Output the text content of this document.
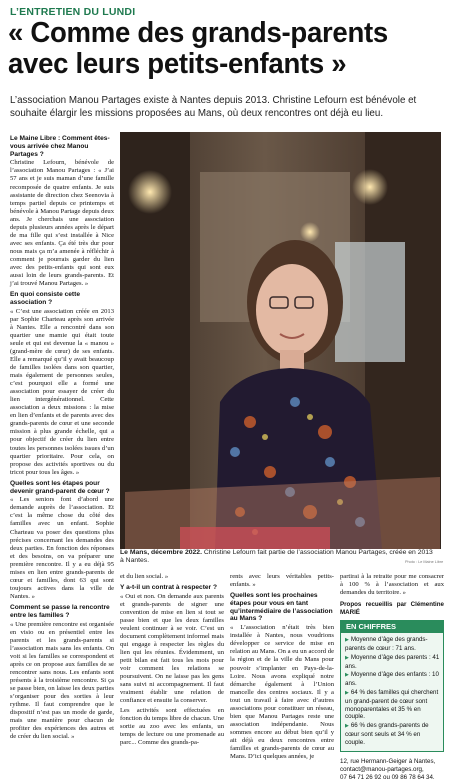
L’ENTRETIEN DU LUNDI
« Comme des grands-parents
avec leurs petits-enfants »
L’association Manou Partages existe à Nantes depuis 2013. Christine Lefourn est bénévole et souhaite élargir les missions proposées au Mans, où deux rencontres ont déjà eu lieu.

Le Maine Libre : Comment êtes-vous arrivée chez Manou Partages ?

Christine Lefourn, bénévole de l’association Manou Partages : « J’ai 57 ans et je suis maman d’une famille recomposée de quatre enfants. Je suis assistante de direction chez Seenovia à temps partiel depuis ce printemps et bénévole à Manou Partage depuis deux ans. Je cherchais une association depuis plusieurs années après le départ de ma fille qui s’est installée à Nice avec ses enfants. Ça été très dur pour nous mais ça m’a amenée à réfléchir à comment je pourrais garder du lien avec des petits-enfants qui sont eux aussi loin de leurs grands-parents. Et j’ai trouvé Manou Partages. »

En quoi consiste cette association ?

« C’est une association créée en 2013 par Sophie Charteau après son arrivée à Nantes. Elle a rencontré dans son quartier une mamie qui était toute seule et qui est devenue la « manou » (grand-mère de cœur) de ses enfants. Elle a remarqué qu’il y avait beaucoup de familles isolées dans son quartier, mais également de personnes seules, c’est pourquoi elle a formé une association pour essayer de créer du lien intergénérationnel. Cette association a deux missions : la mise en lien d’enfants et de parents avec des grands-parents de cœur et une seconde mission à plus grande échelle, qui a pour objectif de créer du lien entre toutes les personnes isolées issues d’un quartier prioritaire. Pour cela, on propose des activités sportives ou du tricot pour tous les âges. »

Quelles sont les étapes pour devenir grand-parent de cœur ?

« Les seniors font d’abord une demande auprès de l’association. Et c’est la même chose du côté des familles avec un enfant. Sophie Charteau va poser des questions plus précises concernant les demandes des deux parties. En fonction des réponses et des besoins, on va préparer une première rencontre. Il y a eu déjà 95 mises en lien entre grands-parents de cœur et familles, dont 63 qui sont toujours actives dans la ville de Nantes. »

Comment se passe la rencontre entre les familles ?

« Une première rencontre est organisée en visio ou en présentiel entre les parents et les grands-parents si l’association mais sans les enfants. On voit si les familles se correspondent et après ce on propose aux familles de se rencontrer sans nous. Les enfants sont présents à la troisième rencontre. Si ça se passe bien, on laisse les deux parties s’organiser pour des sorties à leur rythme. Il faut comprendre que le dispositif n’est pas un mode de garde, mais une manière pour chacun de profiter des expériences des autres et de créer du lien social. »

Le Mans, décembre 2022. Christine Lefourn fait partie de l’association Manou Partages, créée en 2013 à Nantes.	Photo : Le Maine Libre

et du lien social. »

Y a-t-il un contrat à respecter ?

« Oui et non. On demande aux parents et grands-parents de signer une convention de mise en lien si tout se passe bien et que les deux familles veulent continuer à se voir. C’est un document complètement informel mais qui engage à respecter les règles du lien qui les réunies. Évidemment, un petit bilan est fait tous les mois pour voir comment les relations se poursuivent. On ne laisse pas les gens sans suivi ni accompagnement. Il faut vraiment établir une relation de confiance et ensuite la conserver.

Les activités sont effectuées en fonction du temps libre de chacun. Une sortie au zoo avec les enfants, un temps de lecture ou une promenade au parc... Comme des grands-pa-

rents avec leurs véritables petits-enfants. »

Quelles sont les prochaines étapes pour vous en tant qu’intermédiaire de l’association au Mans ?

« L’association n’était très bien installée à Nantes, nous voudrions développer ce service de mise en relation au Mans. On a eu un accord de la région et de la ville du Mans pour pouvoir s’implanter en Pays-de-la-Loire. Nous avons expliqué notre démarche également à l’Union mancelle des centres sociaux. Il y a tout un travail à faire avec d’autres associations pour constituer un réseau, bien que Manou Partages reste une association indépendante. Nous sommes encore au début bien qu’il y ait déjà eu deux rencontres entre familles et grands-parents de cœur au Mans. D’ici quelques années, je

partirai à la retraite pour me consacrer à 100 % à l’association et aux demandes du territoire. »

Propos recueillis par Clémentine MARIÉ
EN CHIFFRES
▶ Moyenne d’âge des grands-parents de cœur : 71 ans.
▶ Moyenne d’âge des parents : 41 ans.
▶ Moyenne d’âge des enfants : 10 ans.
▶ 64 % des familles qui cherchent un grand-parent de cœur sont monoparentales et 35 % en couple.
▶ 66 % des grands-parents de cœur sont seuls et 34 % en couple.
12, rue Hermann-Geiger à Nantes,
contact@manou-partages.org,
07 64 71 26 92 ou 09 86 78 64 34.
